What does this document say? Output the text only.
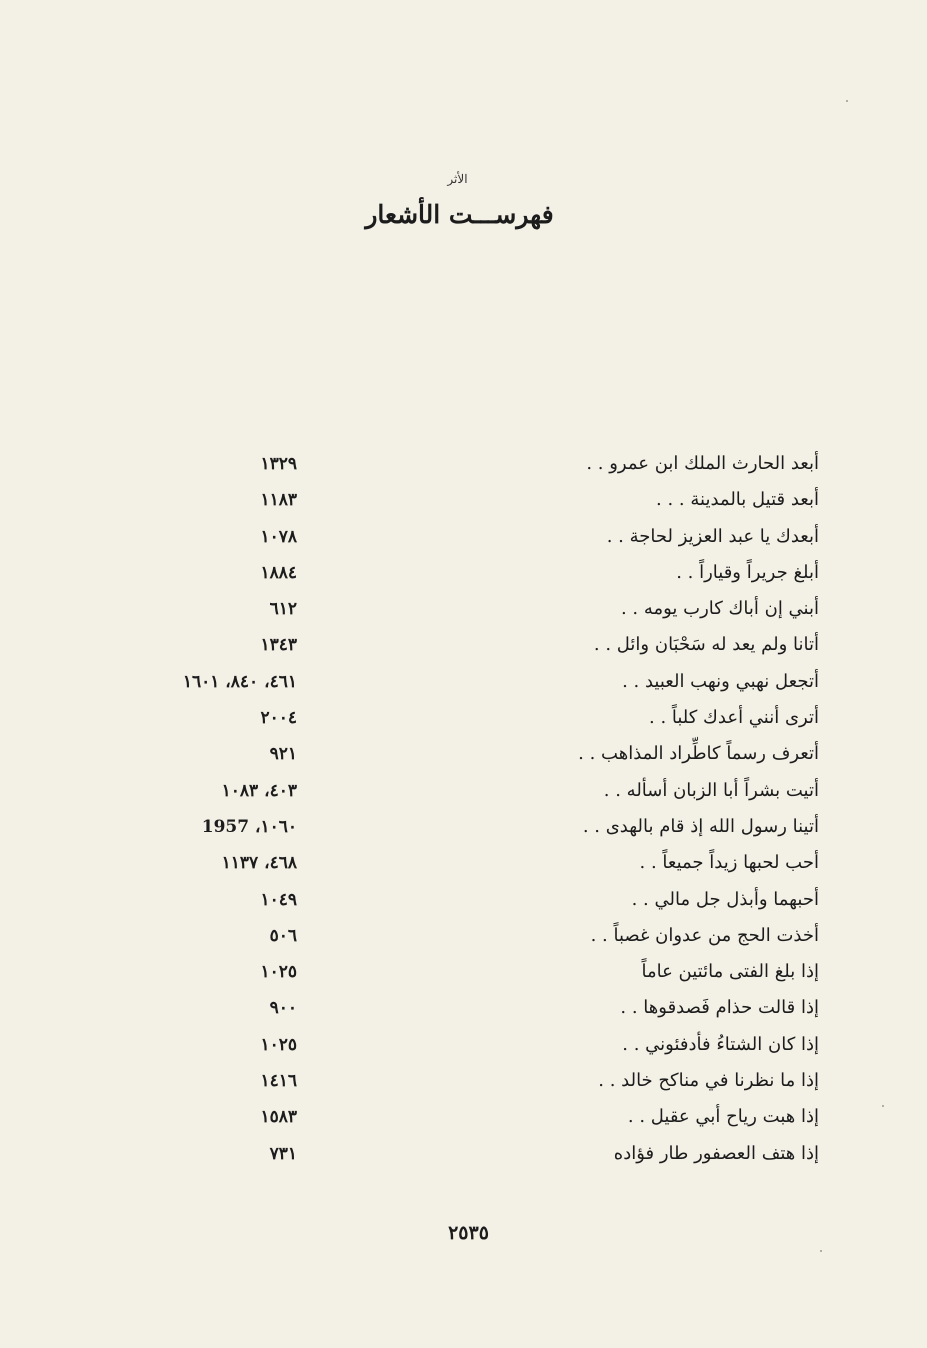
الأثر
فهرســـت الأشعار
أبعد الحارث الملك ابن عمرو . .
١٣٢٩
أبعد قتيل بالمدينة . . .
١١٨٣
أبعدك يا عبد العزيز لحاجة . .
١٠٧٨
أبلغ جريراً وقياراً . .
١٨٨٤
أبني إن أباك كارب يومه . .
٦١٢
أتانا ولم يعد له سَحْبَان وائل . .
١٣٤٣
أتجعل نهبي ونهب العبيد . .
٤٦١، ٨٤٠، ١٦٠١
أترى أنني أعدك كلباً . .
٢٠٠٤
أتعرف رسماً كاطِّراد المذاهب . .
٩٢١
أتيت بشراً أبا الزبان أسأله . .
٤٠٣، ١٠٨٣
أتينا رسول الله إذ قام بالهدى . .
١٠٦٠، 1957
أحب لحبها زيداً جميعاً . .
٤٦٨، ١١٣٧
أحبهما وأبذل جل مالي . .
١٠٤٩
أخذت الحج من عدوان غصباً . .
٥٠٦
إذا بلغ الفتى مائتين عاماً
١٠٢٥
إذا قالت حذام فَصدقوها . .
٩٠٠
إذا كان الشتاءُ فأدفئوني . .
١٠٢٥
إذا ما نظرنا في مناكح خالد . .
١٤١٦
إذا هبت رياح أبي عقيل . .
١٥٨٣
إذا هتف العصفور طار فؤاده
٧٣١
٢٥٣٥
